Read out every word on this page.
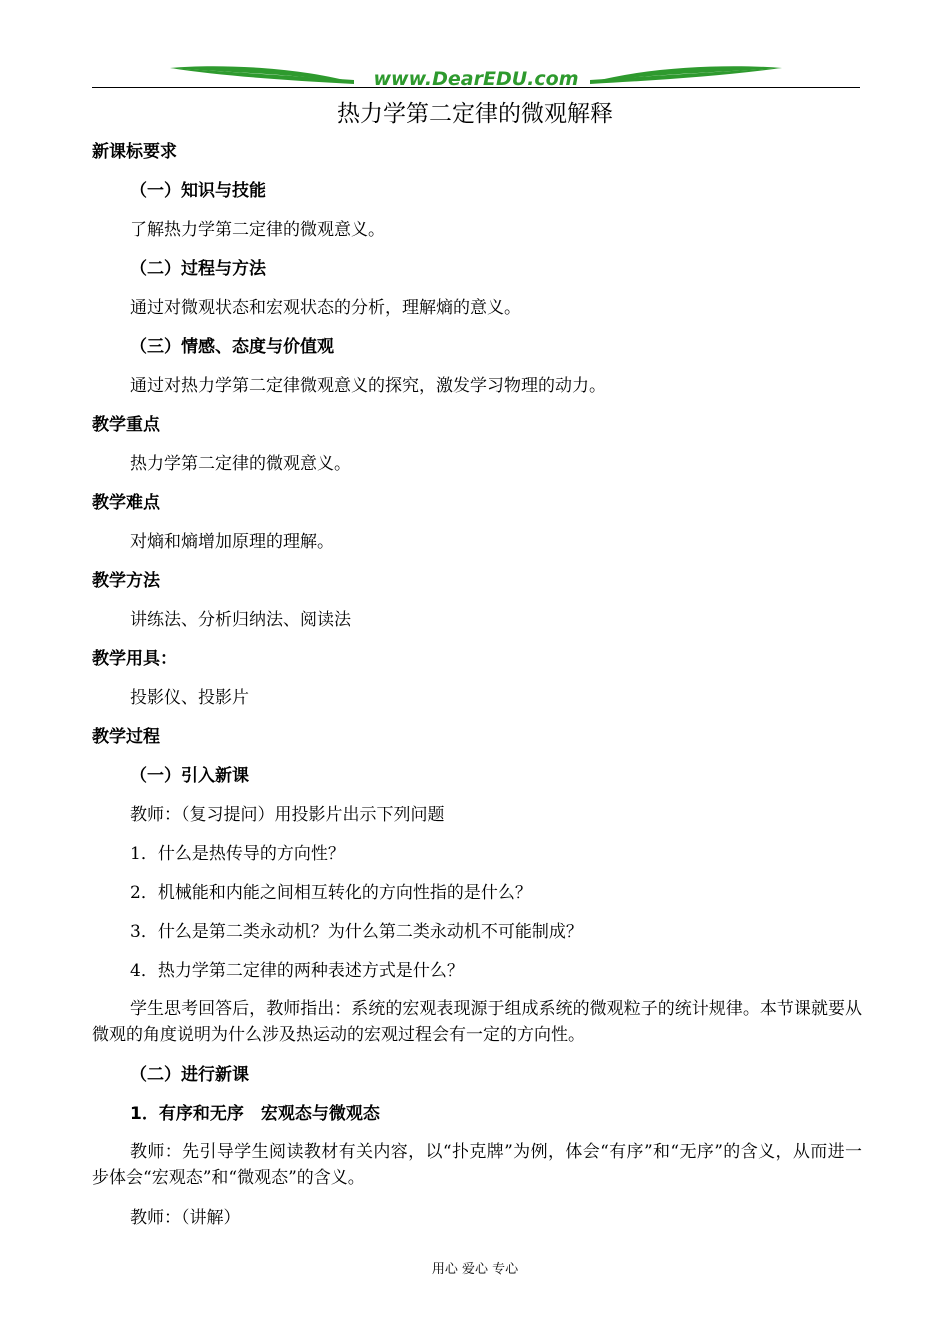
www.DearEDU.com
热力学第二定律的微观解释
新课标要求
（一）知识与技能
了解热力学第二定律的微观意义。
（二）过程与方法
通过对微观状态和宏观状态的分析，理解熵的意义。
（三）情感、态度与价值观
通过对热力学第二定律微观意义的探究，激发学习物理的动力。
教学重点
热力学第二定律的微观意义。
教学难点
对熵和熵增加原理的理解。
教学方法
讲练法、分析归纳法、阅读法
教学用具：
投影仪、投影片
教学过程
（一）引入新课
教师：（复习提问）用投影片出示下列问题
1．什么是热传导的方向性？
2．机械能和内能之间相互转化的方向性指的是什么？
3．什么是第二类永动机？为什么第二类永动机不可能制成？
4．热力学第二定律的两种表述方式是什么？
学生思考回答后，教师指出：系统的宏观表现源于组成系统的微观粒子的统计规律。本节课就要从微观的角度说明为什么涉及热运动的宏观过程会有一定的方向性。
（二）进行新课
1．有序和无序　宏观态与微观态
教师：先引导学生阅读教材有关内容，以“扑克牌”为例，体会“有序”和“无序”的含义，从而进一步体会“宏观态”和“微观态”的含义。
教师：（讲解）
用心 爱心 专心
